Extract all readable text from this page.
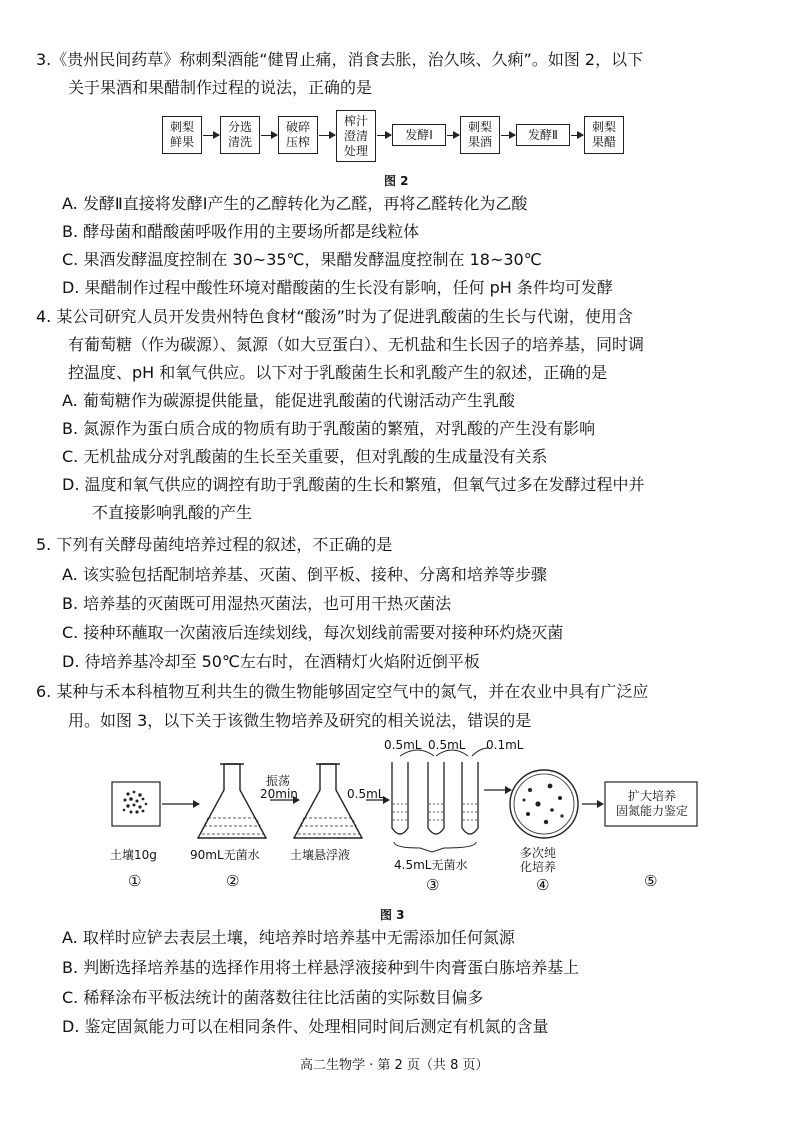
3.《贵州民间药草》称刺梨酒能“健胃止痛，消食去胀，治久咳、久痢”。如图 2，以下
关于果酒和果醋制作过程的说法，正确的是
刺梨
鲜果
分选
清洗
破碎
压榨
榨汁
澄清
处理
发酵Ⅰ
刺梨
果酒
发酵Ⅱ
刺梨
果醋
图 2
A. 发酵Ⅱ直接将发酵Ⅰ产生的乙醇转化为乙醛，再将乙醛转化为乙酸
B. 酵母菌和醋酸菌呼吸作用的主要场所都是线粒体
C. 果酒发酵温度控制在 30~35℃，果醋发酵温度控制在 18~30℃
D. 果醋制作过程中酸性环境对醋酸菌的生长没有影响，任何 pH 条件均可发酵
4. 某公司研究人员开发贵州特色食材“酸汤”时为了促进乳酸菌的生长与代谢，使用含
有葡萄糖（作为碳源）、氮源（如大豆蛋白）、无机盐和生长因子的培养基，同时调
控温度、pH 和氧气供应。以下对于乳酸菌生长和乳酸产生的叙述，正确的是
A. 葡萄糖作为碳源提供能量，能促进乳酸菌的代谢活动产生乳酸
B. 氮源作为蛋白质合成的物质有助于乳酸菌的繁殖，对乳酸的产生没有影响
C. 无机盐成分对乳酸菌的生长至关重要，但对乳酸的生成量没有关系
D. 温度和氧气供应的调控有助于乳酸菌的生长和繁殖，但氧气过多在发酵过程中并
不直接影响乳酸的产生
5. 下列有关酵母菌纯培养过程的叙述，不正确的是
A. 该实验包括配制培养基、灭菌、倒平板、接种、分离和培养等步骤
B. 培养基的灭菌既可用湿热灭菌法，也可用干热灭菌法
C. 接种环蘸取一次菌液后连续划线，每次划线前需要对接种环灼烧灭菌
D. 待培养基冷却至 50℃左右时，在酒精灯火焰附近倒平板
6. 某种与禾本科植物互利共生的微生物能够固定空气中的氮气，并在农业中具有广泛应
用。如图 3，以下关于该微生物培养及研究的相关说法，错误的是
0.5mL 0.5mL 0.1mL
振荡
20min	0.5mL	扩大培养
固氮能力鉴定
土壤10g	90mL无菌水	土壤悬浮液
4.5mL无菌水
多次纯
化培养
①	②	③	④	⑤
图 3
A. 取样时应铲去表层土壤，纯培养时培养基中无需添加任何氮源
B. 判断选择培养基的选择作用将土样悬浮液接种到牛肉膏蛋白胨培养基上
C. 稀释涂布平板法统计的菌落数往往比活菌的实际数目偏多
D. 鉴定固氮能力可以在相同条件、处理相同时间后测定有机氮的含量
高二生物学 · 第 2 页（共 8 页）
